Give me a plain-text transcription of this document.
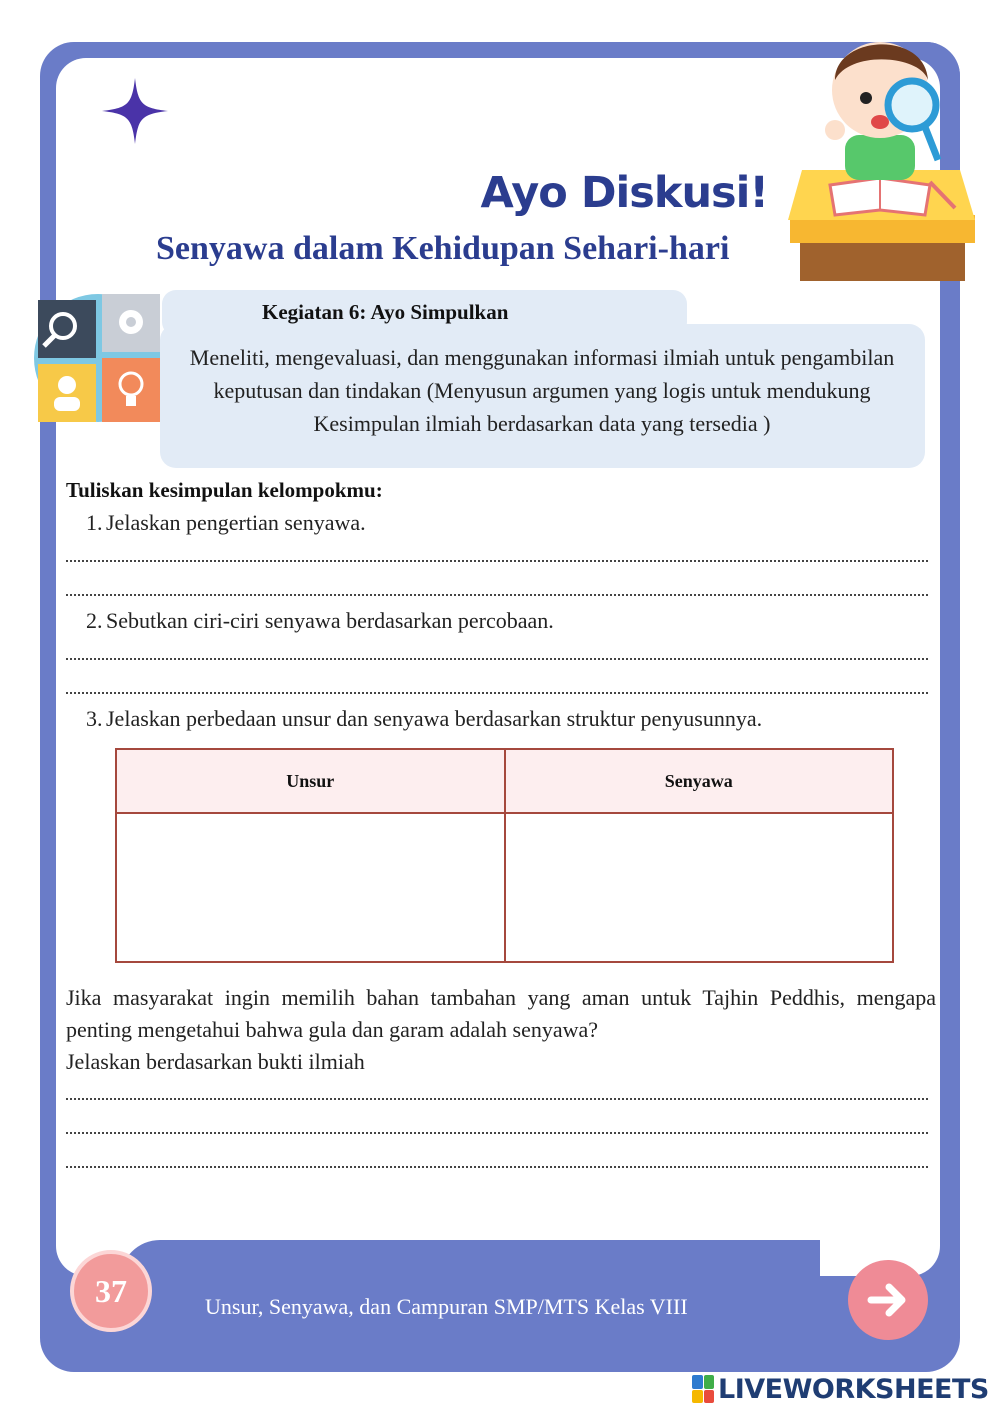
Ayo Diskusi!
Senyawa dalam Kehidupan Sehari-hari
Kegiatan 6: Ayo Simpulkan
Meneliti, mengevaluasi, dan menggunakan informasi ilmiah untuk pengambilan keputusan dan tindakan (Menyusun argumen yang logis untuk mendukung Kesimpulan ilmiah berdasarkan data yang tersedia )
Tuliskan kesimpulan kelompokmu:
1. Jelaskan pengertian senyawa.
2. Sebutkan ciri-ciri senyawa berdasarkan percobaan.
3. Jelaskan perbedaan unsur dan senyawa berdasarkan struktur penyusunnya.
Unsur	Senyawa

Jika masyarakat ingin memilih bahan tambahan yang aman untuk Tajhin Peddhis, mengapa penting mengetahui bahwa gula dan garam adalah senyawa?
Jelaskan berdasarkan bukti ilmiah
37	Unsur, Senyawa, dan Campuran SMP/MTS Kelas VIII
LIVEWORKSHEETS
